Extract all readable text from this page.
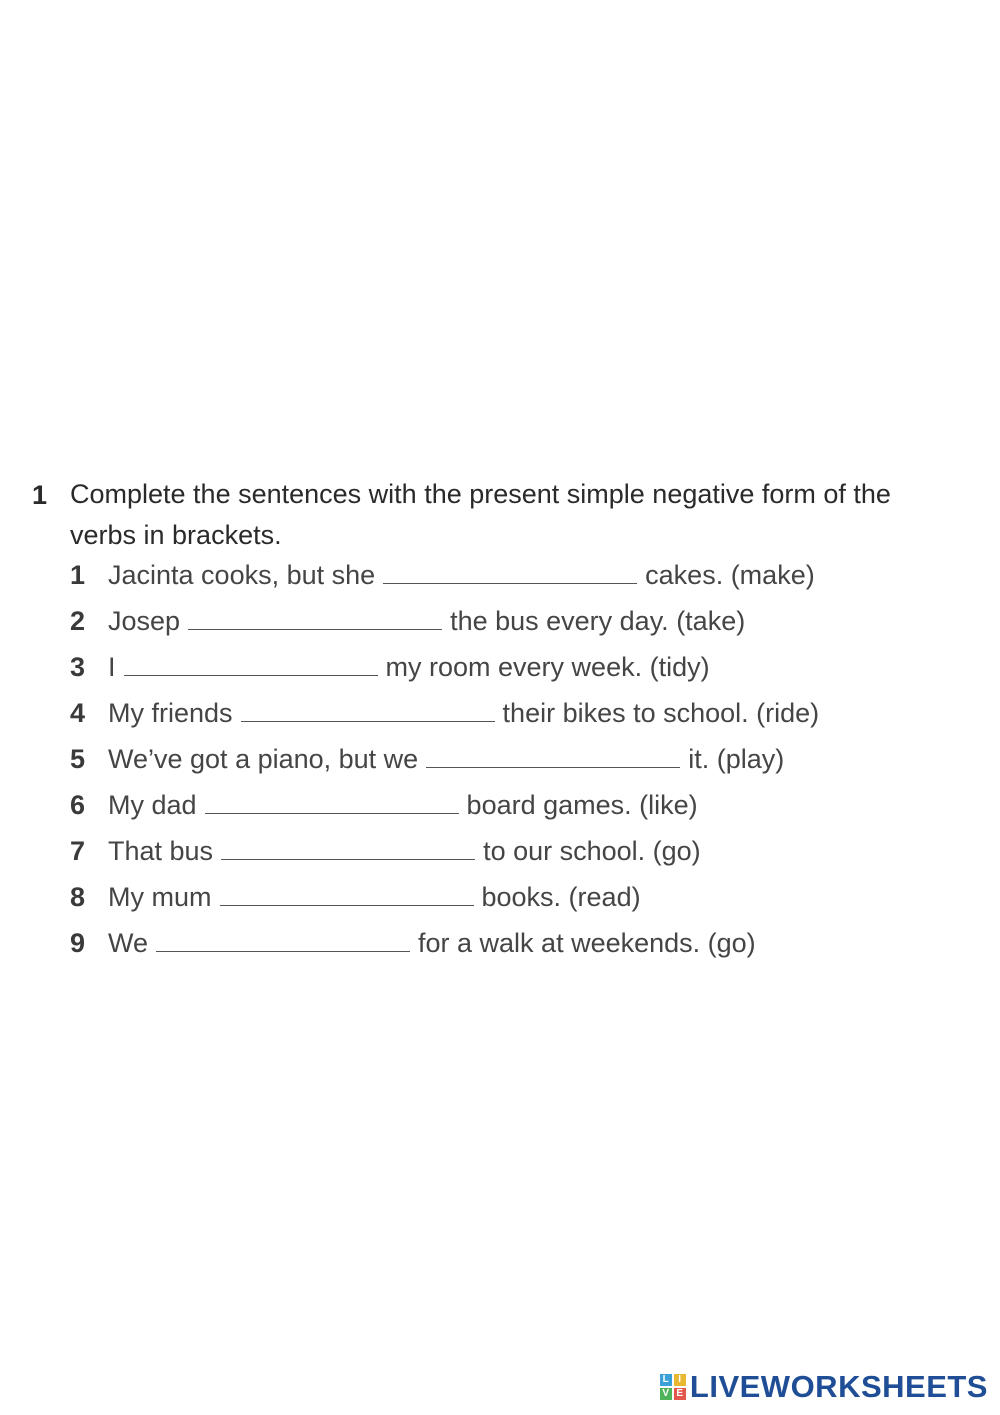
1 Complete the sentences with the present simple negative form of the verbs in brackets.
1 Jacinta cooks, but she	cakes. (make)
2 Josep	the bus every day. (take)
3 I	my room every week. (tidy)
4 My friends	their bikes to school. (ride)
5 We’ve got a piano, but we	it. (play)
6 My dad	board games. (like)
7 That bus	to our school. (go)
8 My mum	books. (read)
9 We	for a walk at weekends. (go)
L I
V E LIVEWORKSHEETS
